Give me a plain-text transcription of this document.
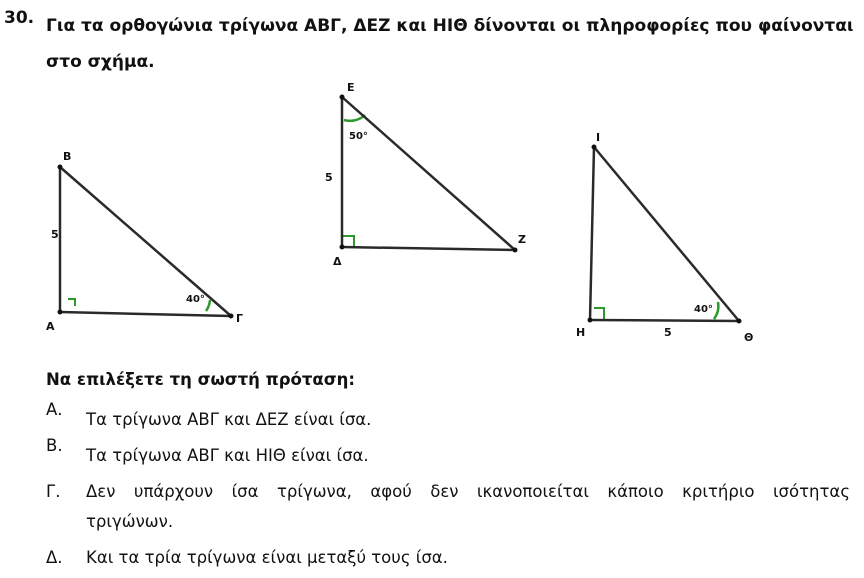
30. Για τα ορθογώνια τρίγωνα ΑΒΓ, ΔΕΖ και ΗΙΘ δίνονται οι πληροφορίες που φαίνονται
στο σχήμα.
Β
Α
Γ
5
40°
Ε
Δ
Ζ
5
50°	Ι
Η	Θ
5
40°
Να επιλέξετε τη σωστή πρόταση:
Α.
Τα τρίγωνα ΑΒΓ και ΔΕΖ είναι ίσα.
Β.
Τα τρίγωνα ΑΒΓ και ΗΙΘ είναι ίσα.
Γ.	Δεν υπάρχουν ίσα τρίγωνα, αφού δεν ικανοποιείται κάποιο κριτήριο ισότητας
τριγώνων.
Δ.	Και τα τρία τρίγωνα είναι μεταξύ τους ίσα.
